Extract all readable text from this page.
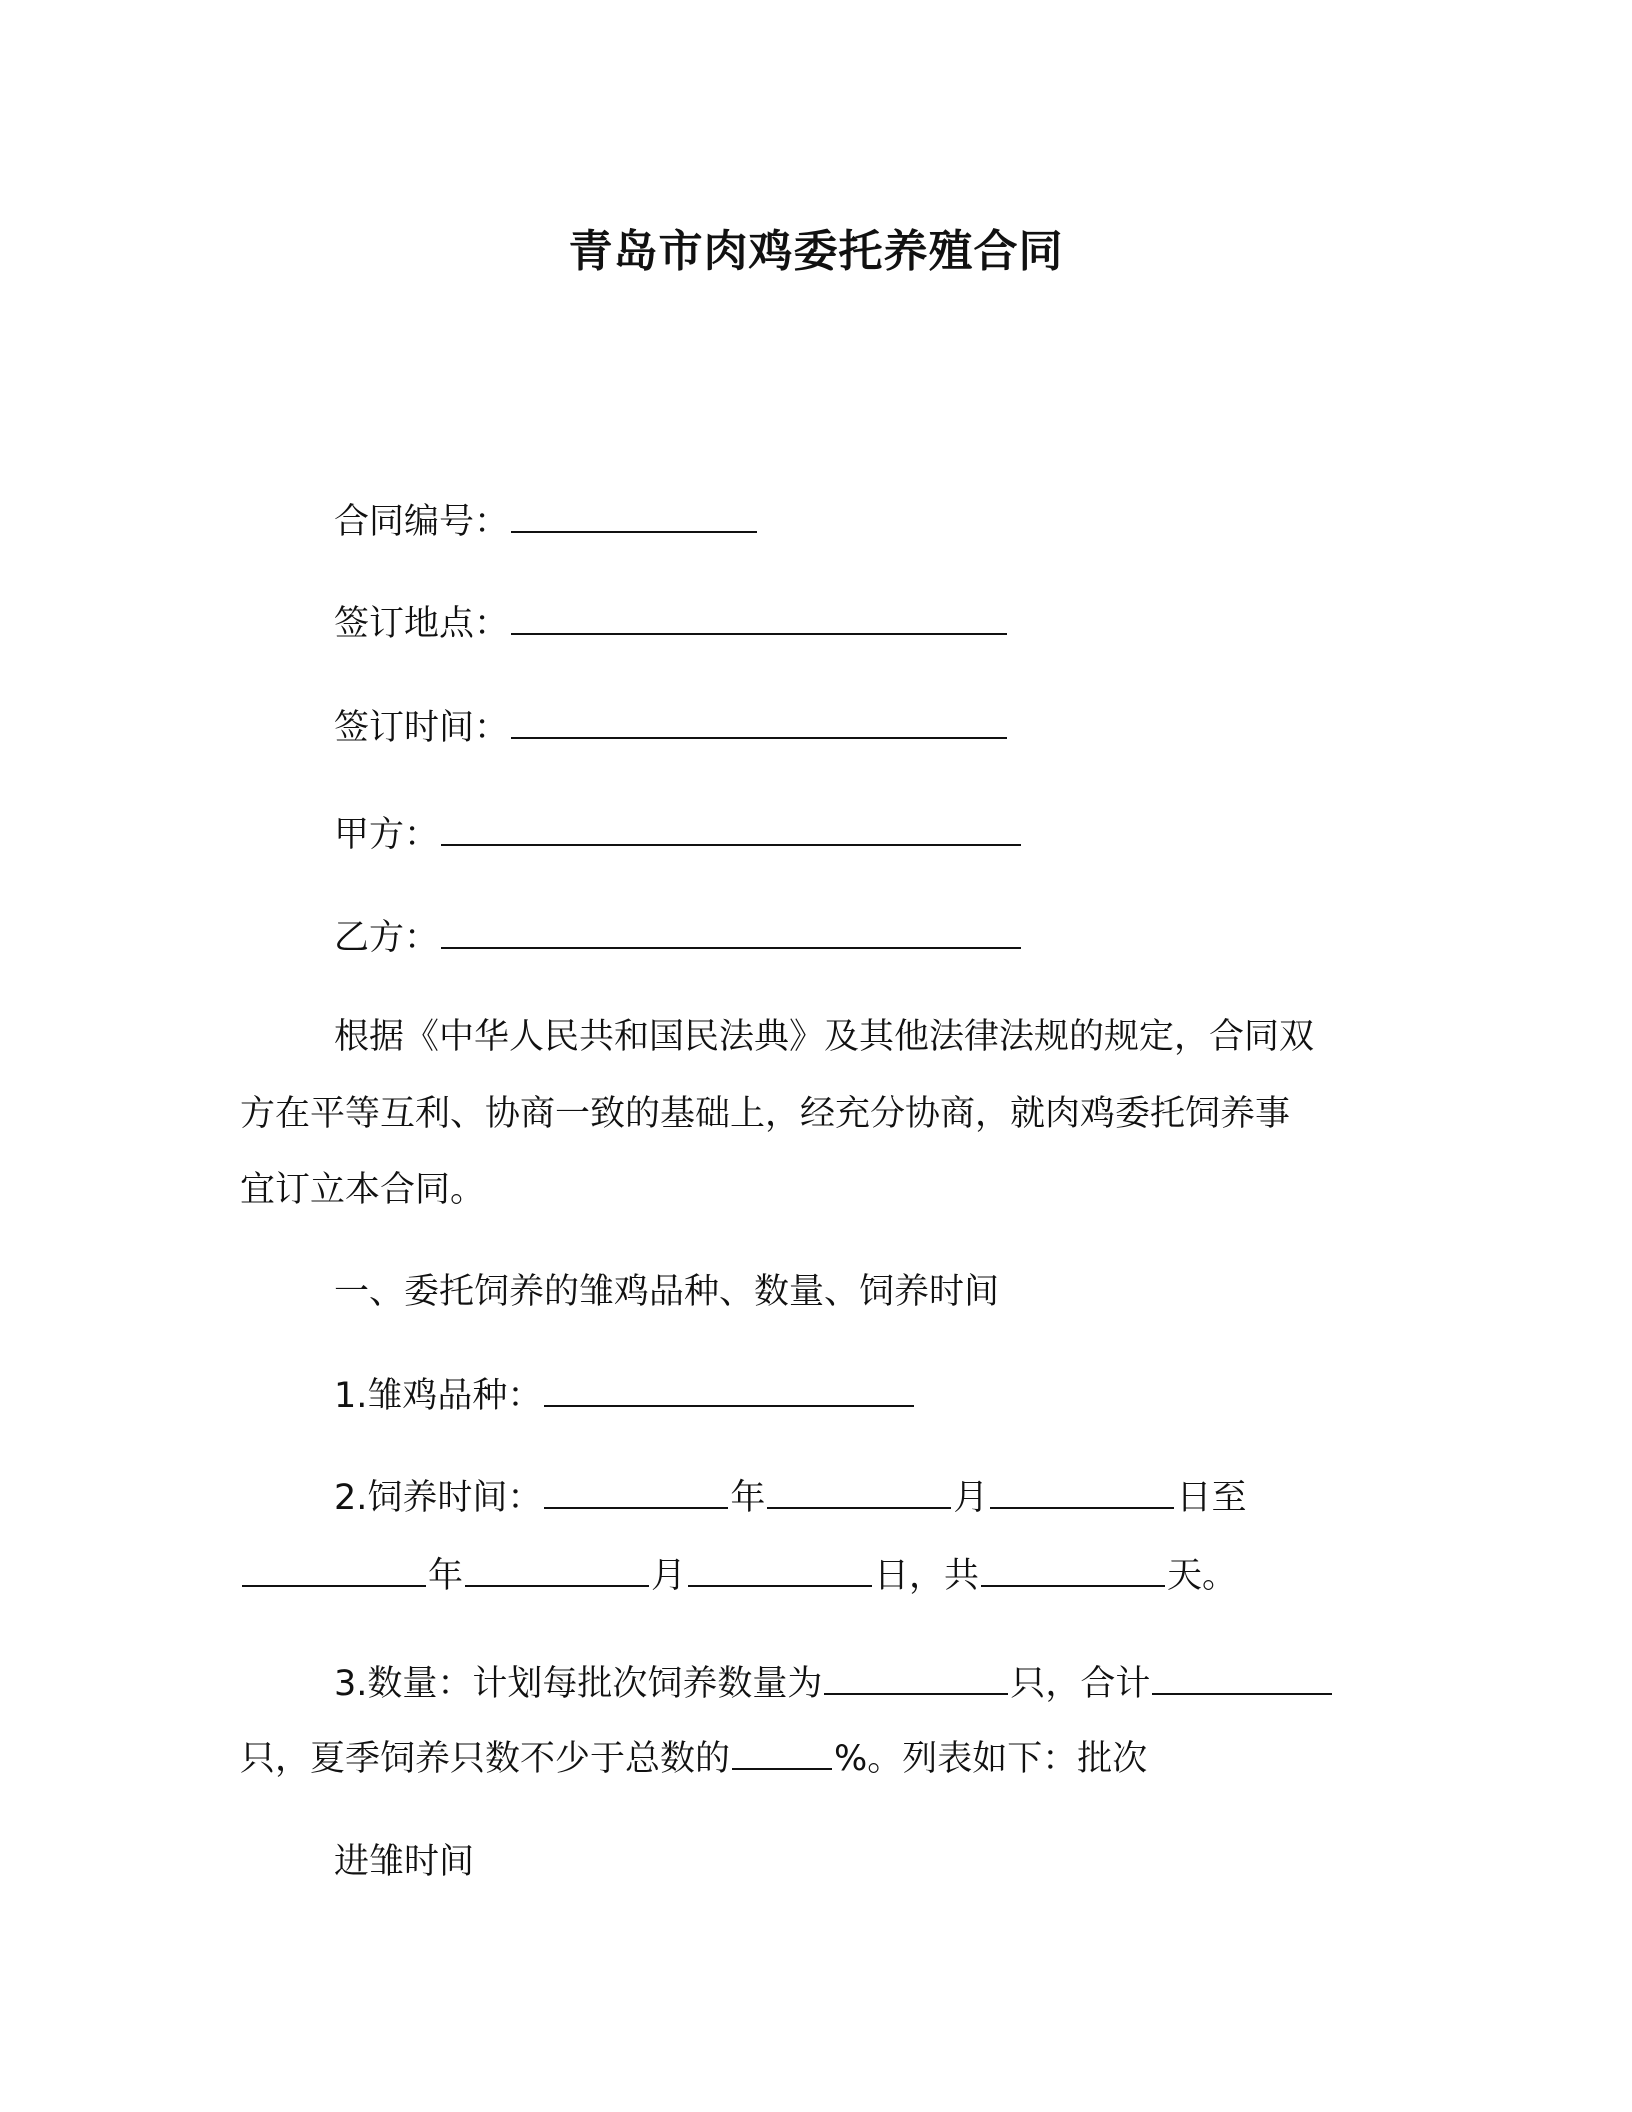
青岛市肉鸡委托养殖合同
合同编号：
签订地点：
签订时间：
甲方：
乙方：
根据《中华人民共和国民法典》及其他法律法规的规定，合同双
方在平等互利、协商一致的基础上，经充分协商，就肉鸡委托饲养事
宜订立本合同。
一、委托饲养的雏鸡品种、数量、饲养时间
1.雏鸡品种：
2.饲养时间：	年	月	日至
年	月	日，共	天。
3.数量：计划每批次饲养数量为	只，合计
只，夏季饲养只数不少于总数的	%。列表如下：批次
进雏时间
